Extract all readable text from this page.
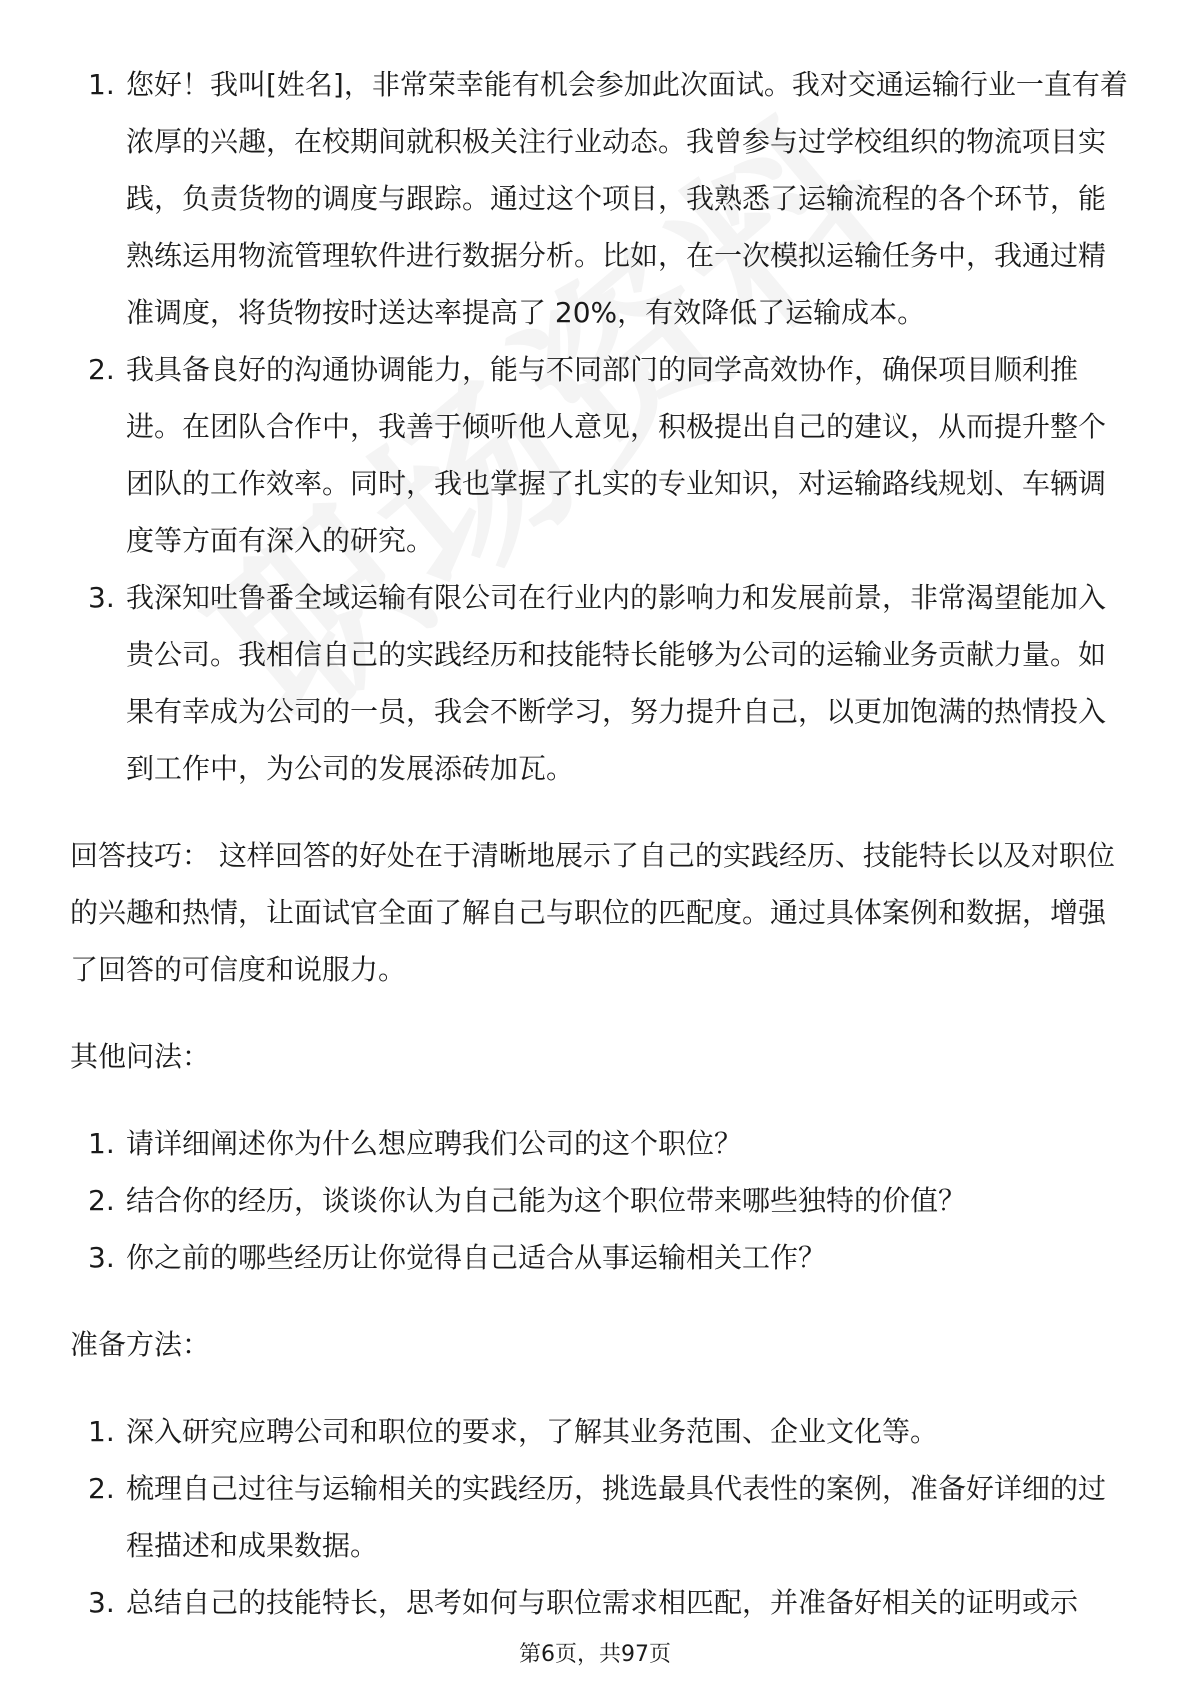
1. 您好！我叫[姓名]，非常荣幸能有机会参加此次面试。我对交通运输行业一直有着浓厚的兴趣，在校期间就积极关注行业动态。我曾参与过学校组织的物流项目实践，负责货物的调度与跟踪。通过这个项目，我熟悉了运输流程的各个环节，能熟练运用物流管理软件进行数据分析。比如，在一次模拟运输任务中，我通过精准调度，将货物按时送达率提高了 20%，有效降低了运输成本。
2. 我具备良好的沟通协调能力，能与不同部门的同学高效协作，确保项目顺利推进。在团队合作中，我善于倾听他人意见，积极提出自己的建议，从而提升整个团队的工作效率。同时，我也掌握了扎实的专业知识，对运输路线规划、车辆调度等方面有深入的研究。
3. 我深知吐鲁番全域运输有限公司在行业内的影响力和发展前景，非常渴望能加入贵公司。我相信自己的实践经历和技能特长能够为公司的运输业务贡献力量。如果有幸成为公司的一员，我会不断学习，努力提升自己，以更加饱满的热情投入到工作中，为公司的发展添砖加瓦。

回答技巧： 这样回答的好处在于清晰地展示了自己的实践经历、技能特长以及对职位的兴趣和热情，让面试官全面了解自己与职位的匹配度。通过具体案例和数据，增强了回答的可信度和说服力。

其他问法：

1. 请详细阐述你为什么想应聘我们公司的这个职位？
2. 结合你的经历，谈谈你认为自己能为这个职位带来哪些独特的价值？
3. 你之前的哪些经历让你觉得自己适合从事运输相关工作？

准备方法：

1. 深入研究应聘公司和职位的要求，了解其业务范围、企业文化等。
2. 梳理自己过往与运输相关的实践经历，挑选最具代表性的案例，准备好详细的过程描述和成果数据。
3. 总结自己的技能特长，思考如何与职位需求相匹配，并准备好相关的证明或示
第6页，共97页
